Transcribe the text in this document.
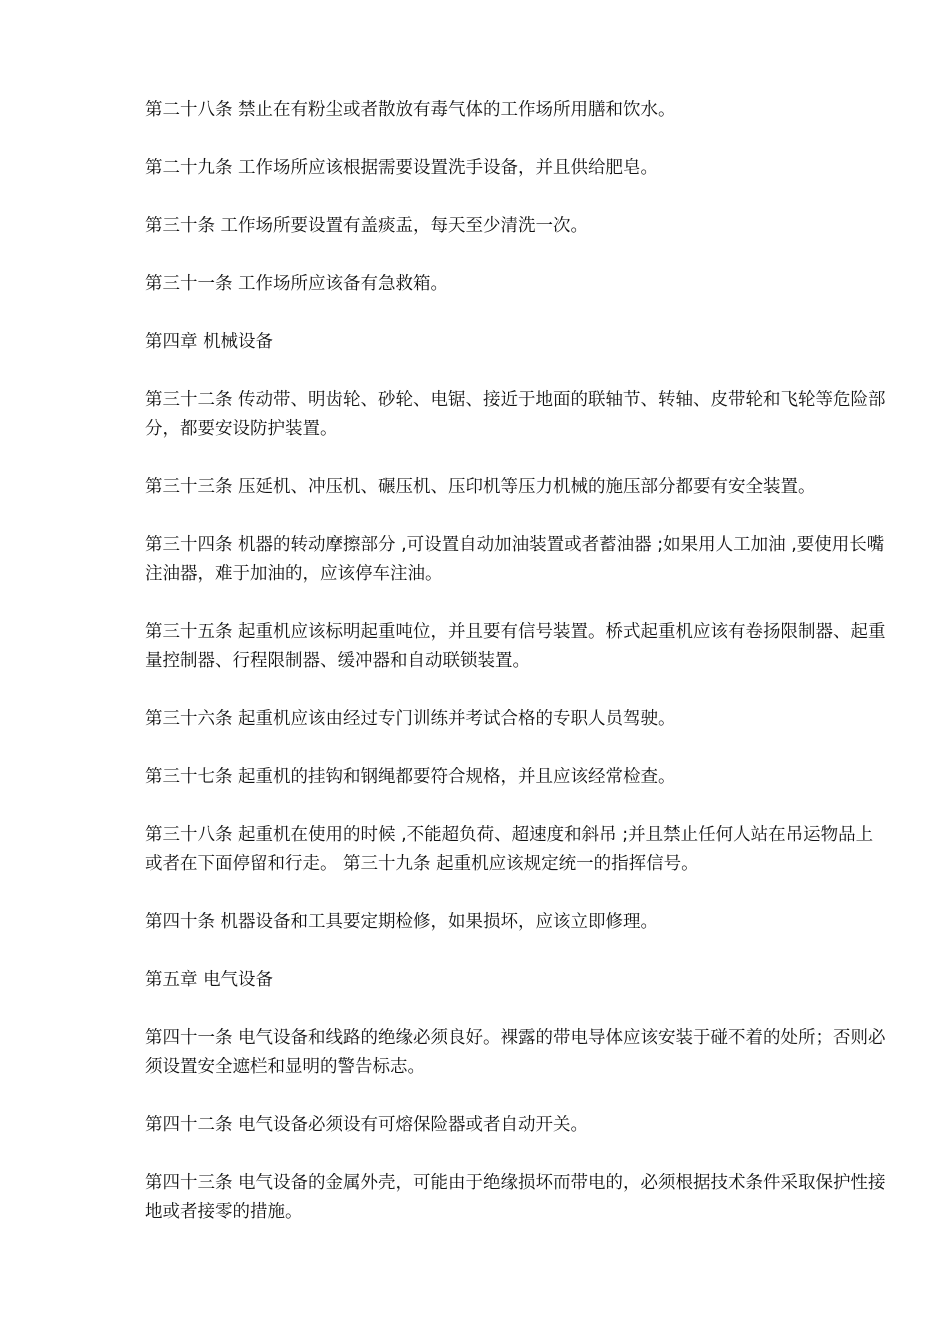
第二十八条 禁止在有粉尘或者散放有毒气体的工作场所用膳和饮水。

第二十九条 工作场所应该根据需要设置洗手设备，并且供给肥皂。

第三十条 工作场所要设置有盖痰盂，每天至少清洗一次。

第三十一条 工作场所应该备有急救箱。

第四章 机械设备

第三十二条 传动带、明齿轮、砂轮、电锯、接近于地面的联轴节、转轴、皮带轮和飞轮等危险部分，都要安设防护装置。

第三十三条 压延机、冲压机、碾压机、压印机等压力机械的施压部分都要有安全装置。

第三十四条 机器的转动摩擦部分 ,可设置自动加油装置或者蓄油器 ;如果用人工加油 ,要使用长嘴注油器，难于加油的，应该停车注油。

第三十五条 起重机应该标明起重吨位，并且要有信号装置。桥式起重机应该有卷扬限制器、起重量控制器、行程限制器、缓冲器和自动联锁装置。

第三十六条 起重机应该由经过专门训练并考试合格的专职人员驾驶。

第三十七条 起重机的挂钩和钢绳都要符合规格，并且应该经常检查。

第三十八条 起重机在使用的时候 ,不能超负荷、超速度和斜吊 ;并且禁止任何人站在吊运物品上或者在下面停留和行走。 第三十九条 起重机应该规定统一的指挥信号。

第四十条 机器设备和工具要定期检修，如果损坏，应该立即修理。

第五章 电气设备

第四十一条 电气设备和线路的绝缘必须良好。裸露的带电导体应该安装于碰不着的处所；否则必须设置安全遮栏和显明的警告标志。

第四十二条 电气设备必须设有可熔保险器或者自动开关。

第四十三条 电气设备的金属外壳，可能由于绝缘损坏而带电的，必须根据技术条件采取保护性接地或者接零的措施。
